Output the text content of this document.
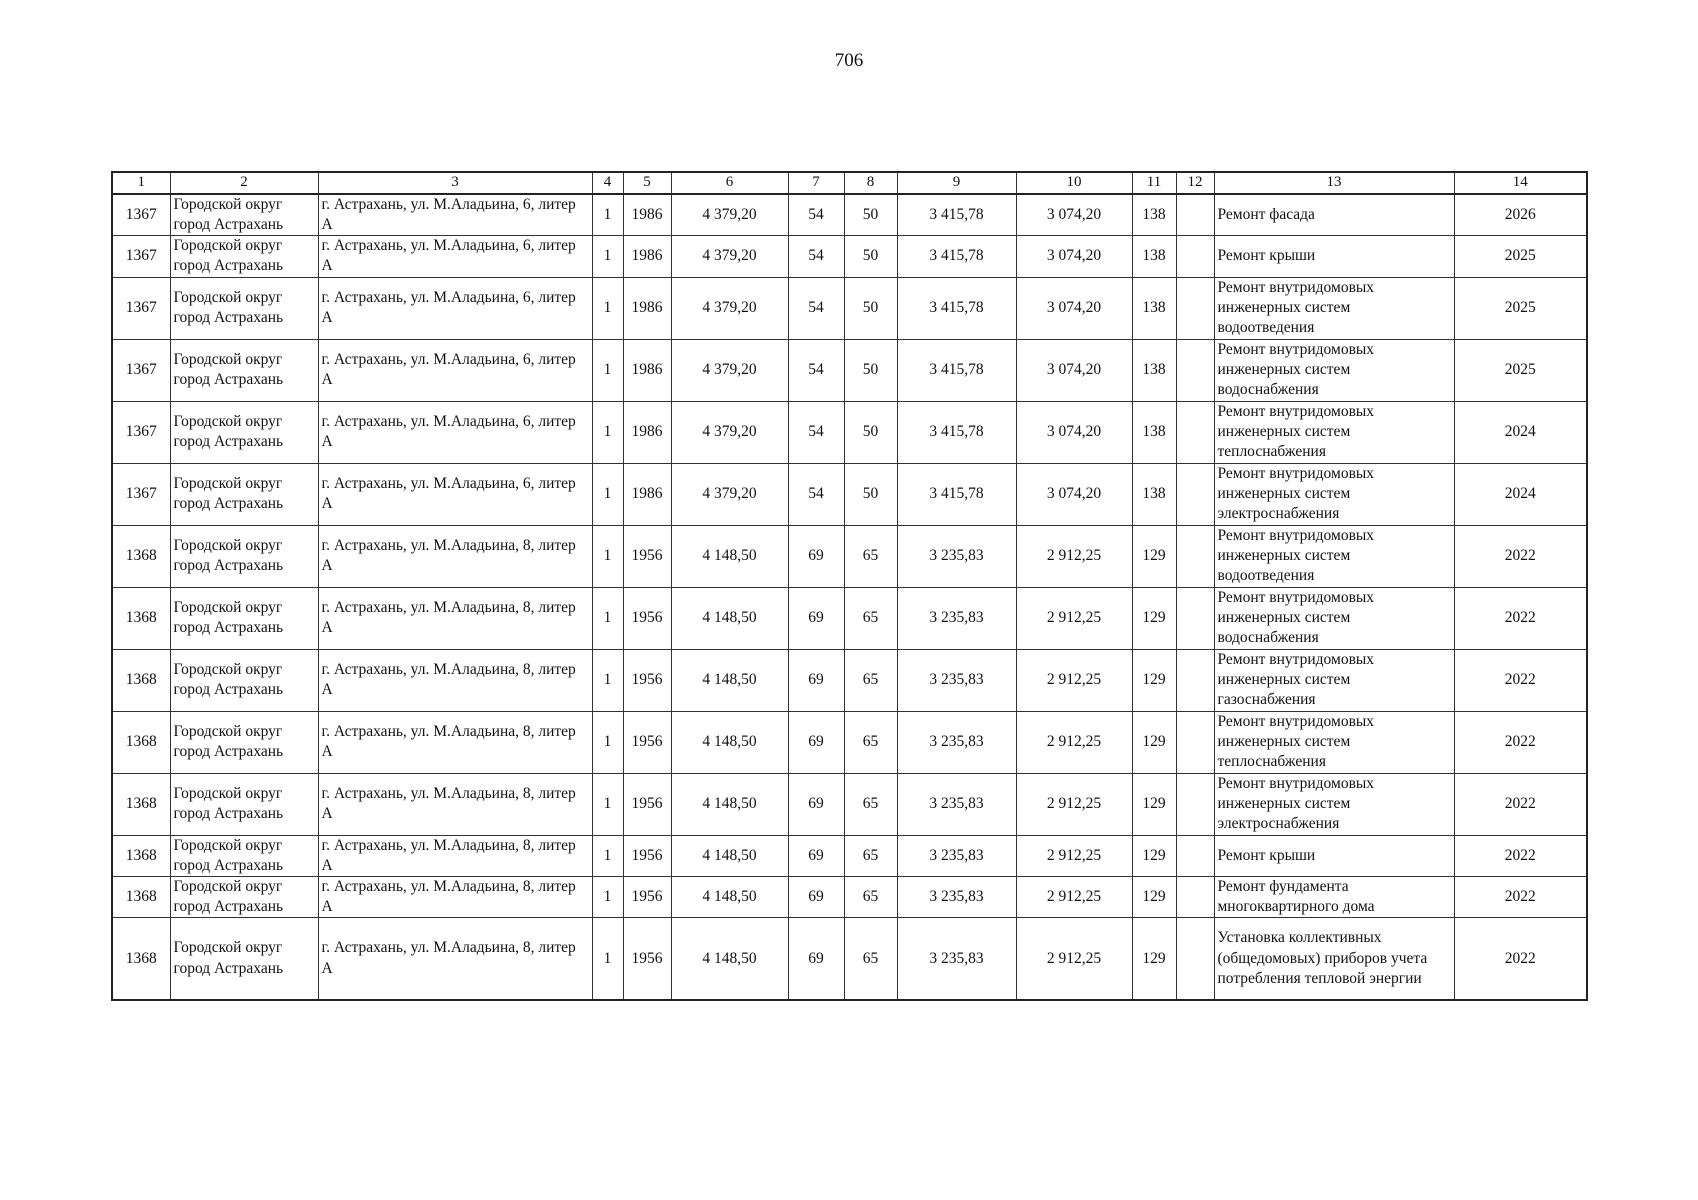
706
1	2	3	4	5	6	7	8	9	10	11	12	13	14
1367	Городской округ город Астрахань	г. Астрахань, ул. М.Аладьина, 6, литер А	1	1986	4 379,20	54	50	3 415,78	3 074,20	138		Ремонт фасада	2026
1367	Городской округ город Астрахань	г. Астрахань, ул. М.Аладьина, 6, литер А	1	1986	4 379,20	54	50	3 415,78	3 074,20	138		Ремонт крыши	2025
1367	Городской округ город Астрахань	г. Астрахань, ул. М.Аладьина, 6, литер А	1	1986	4 379,20	54	50	3 415,78	3 074,20	138		Ремонт внутридомовых инженерных систем водоотведения	2025
1367	Городской округ город Астрахань	г. Астрахань, ул. М.Аладьина, 6, литер А	1	1986	4 379,20	54	50	3 415,78	3 074,20	138		Ремонт внутридомовых инженерных систем водоснабжения	2025
1367	Городской округ город Астрахань	г. Астрахань, ул. М.Аладьина, 6, литер А	1	1986	4 379,20	54	50	3 415,78	3 074,20	138		Ремонт внутридомовых инженерных систем теплоснабжения	2024
1367	Городской округ город Астрахань	г. Астрахань, ул. М.Аладьина, 6, литер А	1	1986	4 379,20	54	50	3 415,78	3 074,20	138		Ремонт внутридомовых инженерных систем электроснабжения	2024
1368	Городской округ город Астрахань	г. Астрахань, ул. М.Аладьина, 8, литер А	1	1956	4 148,50	69	65	3 235,83	2 912,25	129		Ремонт внутридомовых инженерных систем водоотведения	2022
1368	Городской округ город Астрахань	г. Астрахань, ул. М.Аладьина, 8, литер А	1	1956	4 148,50	69	65	3 235,83	2 912,25	129		Ремонт внутридомовых инженерных систем водоснабжения	2022
1368	Городской округ город Астрахань	г. Астрахань, ул. М.Аладьина, 8, литер А	1	1956	4 148,50	69	65	3 235,83	2 912,25	129		Ремонт внутридомовых инженерных систем газоснабжения	2022
1368	Городской округ город Астрахань	г. Астрахань, ул. М.Аладьина, 8, литер А	1	1956	4 148,50	69	65	3 235,83	2 912,25	129		Ремонт внутридомовых инженерных систем теплоснабжения	2022
1368	Городской округ город Астрахань	г. Астрахань, ул. М.Аладьина, 8, литер А	1	1956	4 148,50	69	65	3 235,83	2 912,25	129		Ремонт внутридомовых инженерных систем электроснабжения	2022
1368	Городской округ город Астрахань	г. Астрахань, ул. М.Аладьина, 8, литер А	1	1956	4 148,50	69	65	3 235,83	2 912,25	129		Ремонт крыши	2022
1368	Городской округ город Астрахань	г. Астрахань, ул. М.Аладьина, 8, литер А	1	1956	4 148,50	69	65	3 235,83	2 912,25	129		Ремонт фундамента многоквартирного дома	2022
1368	Городской округ город Астрахань	г. Астрахань, ул. М.Аладьина, 8, литер А	1	1956	4 148,50	69	65	3 235,83	2 912,25	129		Установка коллективных (общедомовых) приборов учета потребления тепловой энергии	2022
